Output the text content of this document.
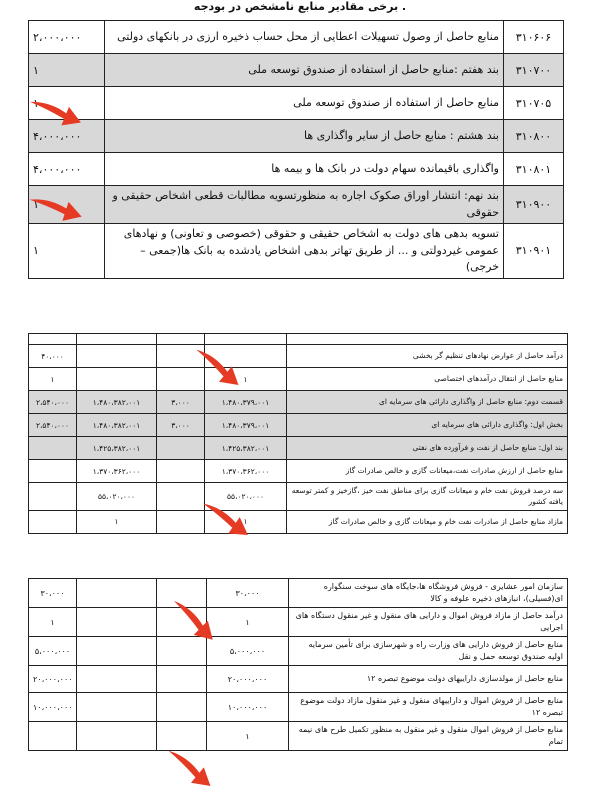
. برخی مقادیر منابع نامشخص در بودجه
۲،۰۰۰،۰۰۰	منابع حاصل از وصول تسهیلات اعطایی از محل حساب ذخیره ارزی در بانکهای دولتی	۳۱۰۶۰۶
۱	بند هفتم :منابع حاصل از استفاده از صندوق توسعه ملی	۳۱۰۷۰۰
	منابع حاصل از استفاده از صندوق توسعه ملی	۳۱۰۷۰۵
۴،۰۰۰،۰۰۰	بند هشتم : منابع حاصل از سایر واگذاری ها	۳۱۰۸۰۰
۴،۰۰۰،۰۰۰	واگذاری باقیمانده سهام دولت در بانک ها و بیمه ها	۳۱۰۸۰۱
۱	بند نهم: انتشار اوراق صکوک اجاره به منظورتسویه مطالبات قطعی اشخاص حقیقی و حقوقی	۳۱۰۹۰۰
۱	تسویه بدهی های دولت به اشخاص حقیقی و حقوقی (خصوصی و تعاونی) و نهادهای عمومی غیردولتی و ... از طریق تهاتر بدهی اشخاص یادشده به بانک ها(جمعی – خرجی)	۳۱۰۹۰۱

۴۰،۰۰۰				درآمد حاصل از عوارض نهادهای تنظیم گر بخشی
۱			۱	منابع حاصل از انتقال درآمدهای اختصاصی
۲،۵۴۰،۰۰۰	۱،۴۸۰،۳۸۲،۰۰۱	۳،۰۰۰	۱،۴۸۰،۳۷۹،۰۰۱	قسمت دوم: منابع حاصل از واگذاری دارائی های سرمایه ای
۲،۵۴۰،۰۰۰	۱،۴۸۰،۳۸۲،۰۰۱	۳،۰۰۰	۱،۴۸۰،۳۷۹،۰۰۱	بخش اول: واگذاری دارائی های سرمایه ای
	۱،۴۲۵،۳۸۲،۰۰۱		۱،۴۲۵،۳۸۲،۰۰۱	بند اول: منابع حاصل از نفت و فرآورده های نفتی
	۱،۳۷۰،۳۶۲،۰۰۰		۱،۳۷۰،۳۶۲،۰۰۰	منابع حاصل از ارزش صادرات نفت،میعانات گازی و خالص صادرات گاز
	۵۵،۰۲۰،۰۰۰		۵۵،۰۲۰،۰۰۰	سه درصد فروش نفت خام و میعانات گازی برای مناطق نفت خیز ،گازخیز و کمتر توسعه یافته کشور
	۱		۱	مازاد منابع حاصل از صادرات نفت خام و میعانات گازی و خالص صادرات گاز
۳۰،۰۰۰			۳۰،۰۰۰	سازمان امور عشایری - فروش فروشگاه ها،جایگاه های سوخت سنگواره ای(فسیلی)، انبارهای ذخیره علوفه و کالا
۱			۱	درآمد حاصل از مازاد فروش اموال و دارایی های منقول و غیر منقول دستگاه های اجرایی
۵،۰۰۰،۰۰۰			۵،۰۰۰،۰۰۰	منابع حاصل از فروش دارایی های وزارت راه و شهرسازی برای تأمین سرمایه اولیه صندوق توسعه حمل و نقل
۲۰،۰۰۰،۰۰۰			۲۰،۰۰۰،۰۰۰	منابع حاصل از مولدسازی داراییهای دولت موضوع تبصره ۱۲
۱۰،۰۰۰،۰۰۰			۱۰،۰۰۰،۰۰۰	منابع حاصل از فروش اموال و داراییهای منقول و غیر منقول مازاد دولت موضوع تبصره ۱۲
			۱	منابع حاصل از فروش اموال منقول و غیر منقول به منظور تکمیل طرح های نیمه تمام
